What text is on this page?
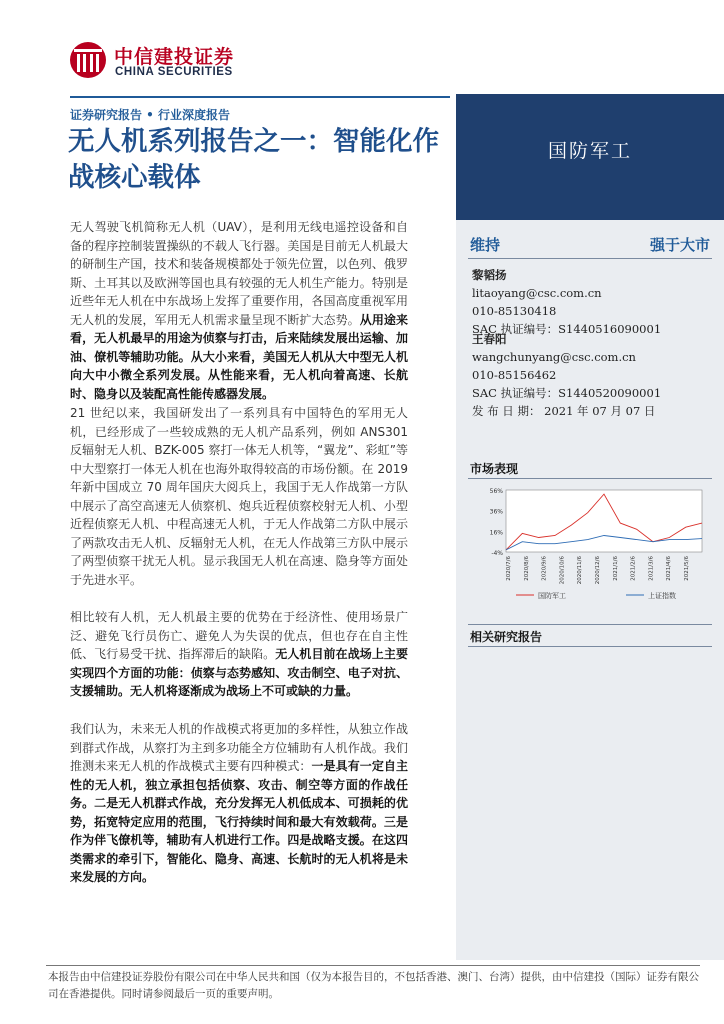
中信建投证券
CHINA SECURITIES
证券研究报告 • 行业深度报告
无人机系列报告之一：智能化作战核心载体
国防军工
无人驾驶飞机简称无人机（UAV），是利用无线电遥控设备和自备的程序控制装置操纵的不载人飞行器。美国是目前无人机最大的研制生产国，技术和装备规模都处于领先位置，以色列、俄罗斯、土耳其以及欧洲等国也具有较强的无人机生产能力。特别是近些年无人机在中东战场上发挥了重要作用，各国高度重视军用无人机的发展，军用无人机需求量呈现不断扩大态势。从用途来看，无人机最早的用途为侦察与打击，后来陆续发展出运输、加油、僚机等辅助功能。从大小来看，美国无人机从大中型无人机向大中小微全系列发展。从性能来看，无人机向着高速、长航时、隐身以及装配高性能传感器发展。
21 世纪以来，我国研发出了一系列具有中国特色的军用无人机，已经形成了一些较成熟的无人机产品系列，例如 ANS301 反辐射无人机、BZK-005 察打一体无人机等，“翼龙”、彩虹”等中大型察打一体无人机在也海外取得较高的市场份额。在 2019 年新中国成立 70 周年国庆大阅兵上，我国于无人作战第一方队中展示了高空高速无人侦察机、炮兵近程侦察校射无人机、小型近程侦察无人机、中程高速无人机，于无人作战第二方队中展示了两款攻击无人机、反辐射无人机，在无人作战第三方队中展示了两型侦察干扰无人机。显示我国无人机在高速、隐身等方面处于先进水平。
相比较有人机，无人机最主要的优势在于经济性、使用场景广泛、避免飞行员伤亡、避免人为失误的优点，但也存在自主性低、飞行易受干扰、指挥滞后的缺陷。无人机目前在战场上主要实现四个方面的功能：侦察与态势感知、攻击制空、电子对抗、支援辅助。无人机将逐渐成为战场上不可或缺的力量。
我们认为，未来无人机的作战模式将更加的多样性，从独立作战到群式作战，从察打为主到多功能全方位辅助有人机作战。我们推测未来无人机的作战模式主要有四种模式：一是具有一定自主性的无人机，独立承担包括侦察、攻击、制空等方面的作战任务。二是无人机群式作战，充分发挥无人机低成本、可损耗的优势，拓宽特定应用的范围，飞行持续时间和最大有效载荷。三是作为伴飞僚机等，辅助有人机进行工作。四是战略支援。在这四类需求的牵引下，智能化、隐身、高速、长航时的无人机将是未来发展的方向。
维持	强于大市
黎韬扬
litaoyang@csc.com.cn
010-85130418
SAC 执证编号：S1440516090001
王春阳
wangchunyang@csc.com.cn
010-85156462
SAC 执证编号：S1440520090001
发 布 日 期： 2021 年 07 月 07 日
市场表现
56%
36%
16%
-4%
2020/7/6 2020/8/6 2020/9/6 2020/10/6 2020/11/6 2020/12/6 2021/1/6 2021/2/6 2021/3/6 2021/4/6 2021/5/6
国防军工	上证指数
相关研究报告
本报告由中信建投证券股份有限公司在中华人民共和国（仅为本报告目的，不包括香港、澳门、台湾）提供，由中信建投（国际）证券有限公司在香港提供。同时请参阅最后一页的重要声明。
